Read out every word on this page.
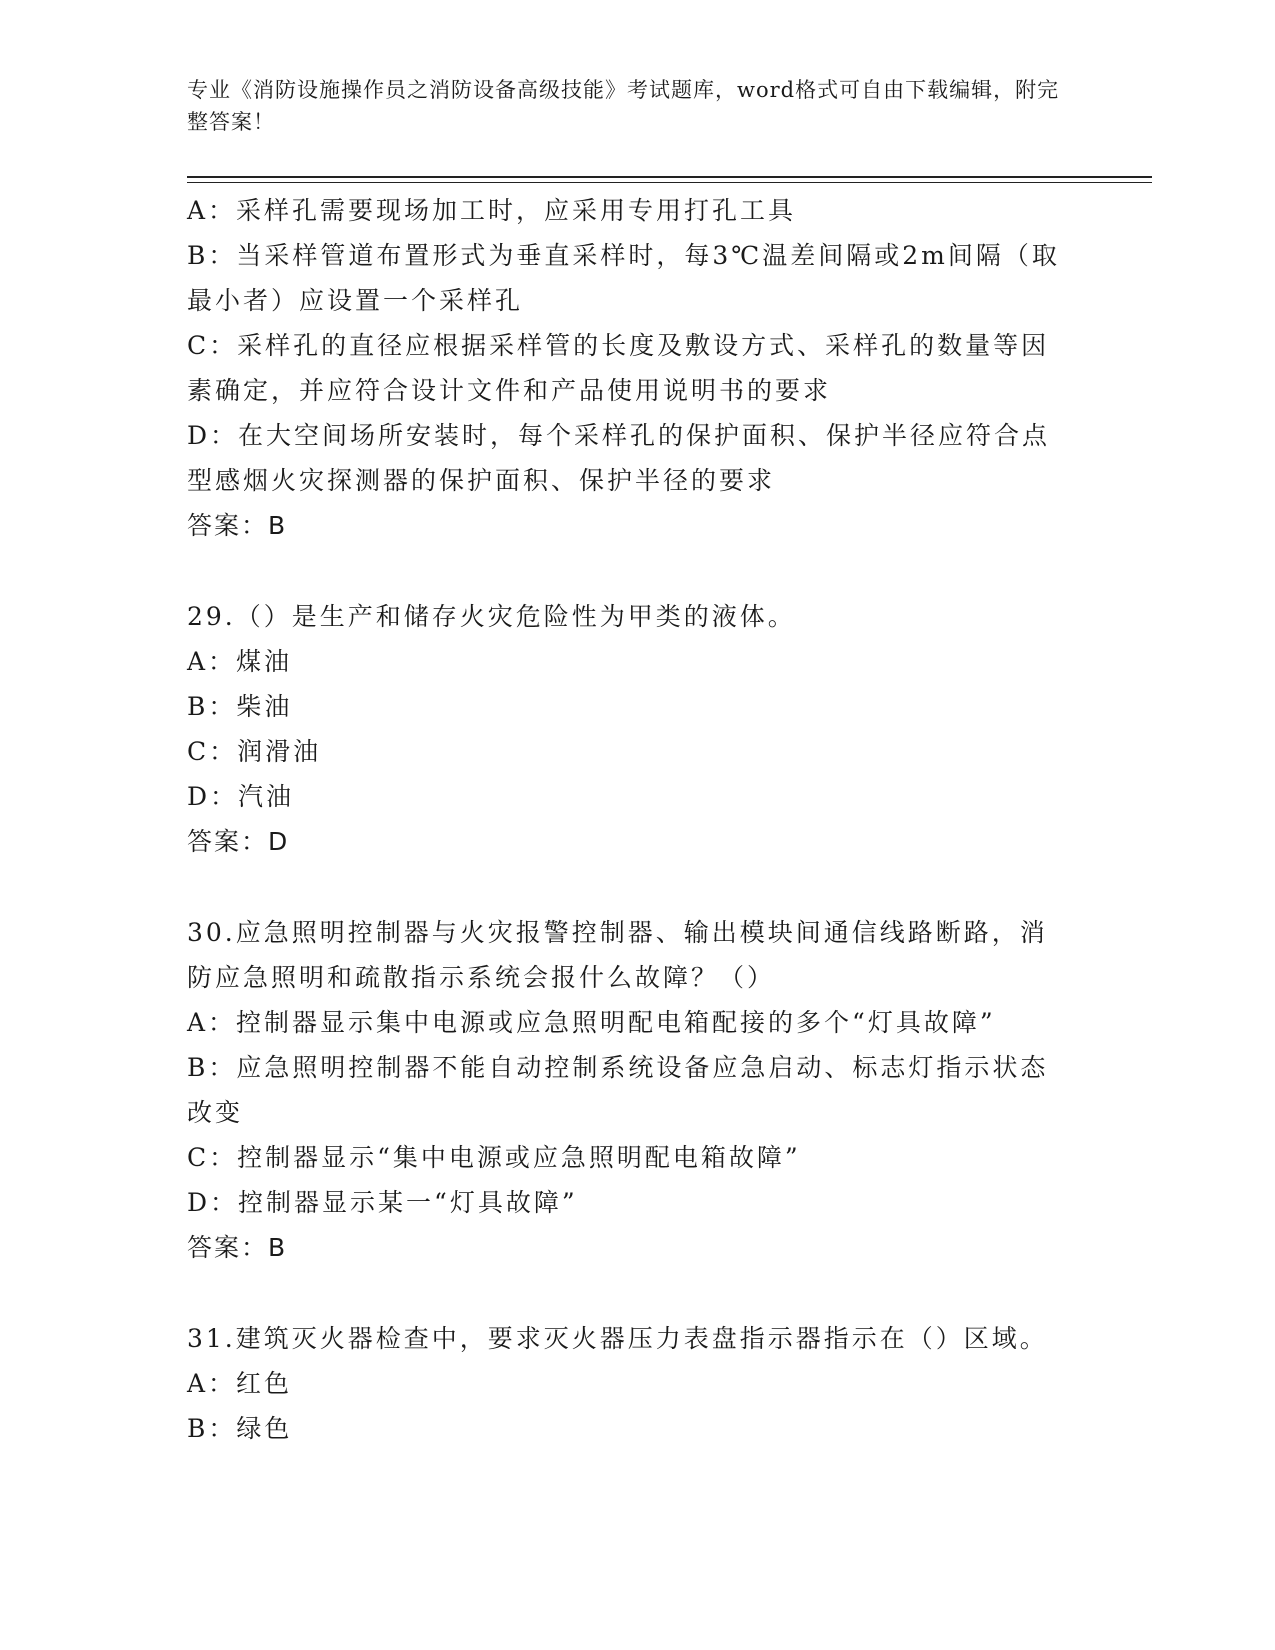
专业《消防设施操作员之消防设备高级技能》考试题库，word格式可自由下载编辑，附完整答案！
A：采样孔需要现场加工时，应采用专用打孔工具
B：当采样管道布置形式为垂直采样时，每3℃温差间隔或2m间隔（取最小者）应设置一个采样孔
C：采样孔的直径应根据采样管的长度及敷设方式、采样孔的数量等因素确定，并应符合设计文件和产品使用说明书的要求
D：在大空间场所安装时，每个采样孔的保护面积、保护半径应符合点型感烟火灾探测器的保护面积、保护半径的要求
答案：B
29.（）是生产和储存火灾危险性为甲类的液体。
A：煤油
B：柴油
C：润滑油
D：汽油
答案：D
30.应急照明控制器与火灾报警控制器、输出模块间通信线路断路，消防应急照明和疏散指示系统会报什么故障？（）
A：控制器显示集中电源或应急照明配电箱配接的多个“灯具故障”
B：应急照明控制器不能自动控制系统设备应急启动、标志灯指示状态改变
C：控制器显示“集中电源或应急照明配电箱故障”
D：控制器显示某一“灯具故障”
答案：B
31.建筑灭火器检查中，要求灭火器压力表盘指示器指示在（）区域。
A：红色
B：绿色
